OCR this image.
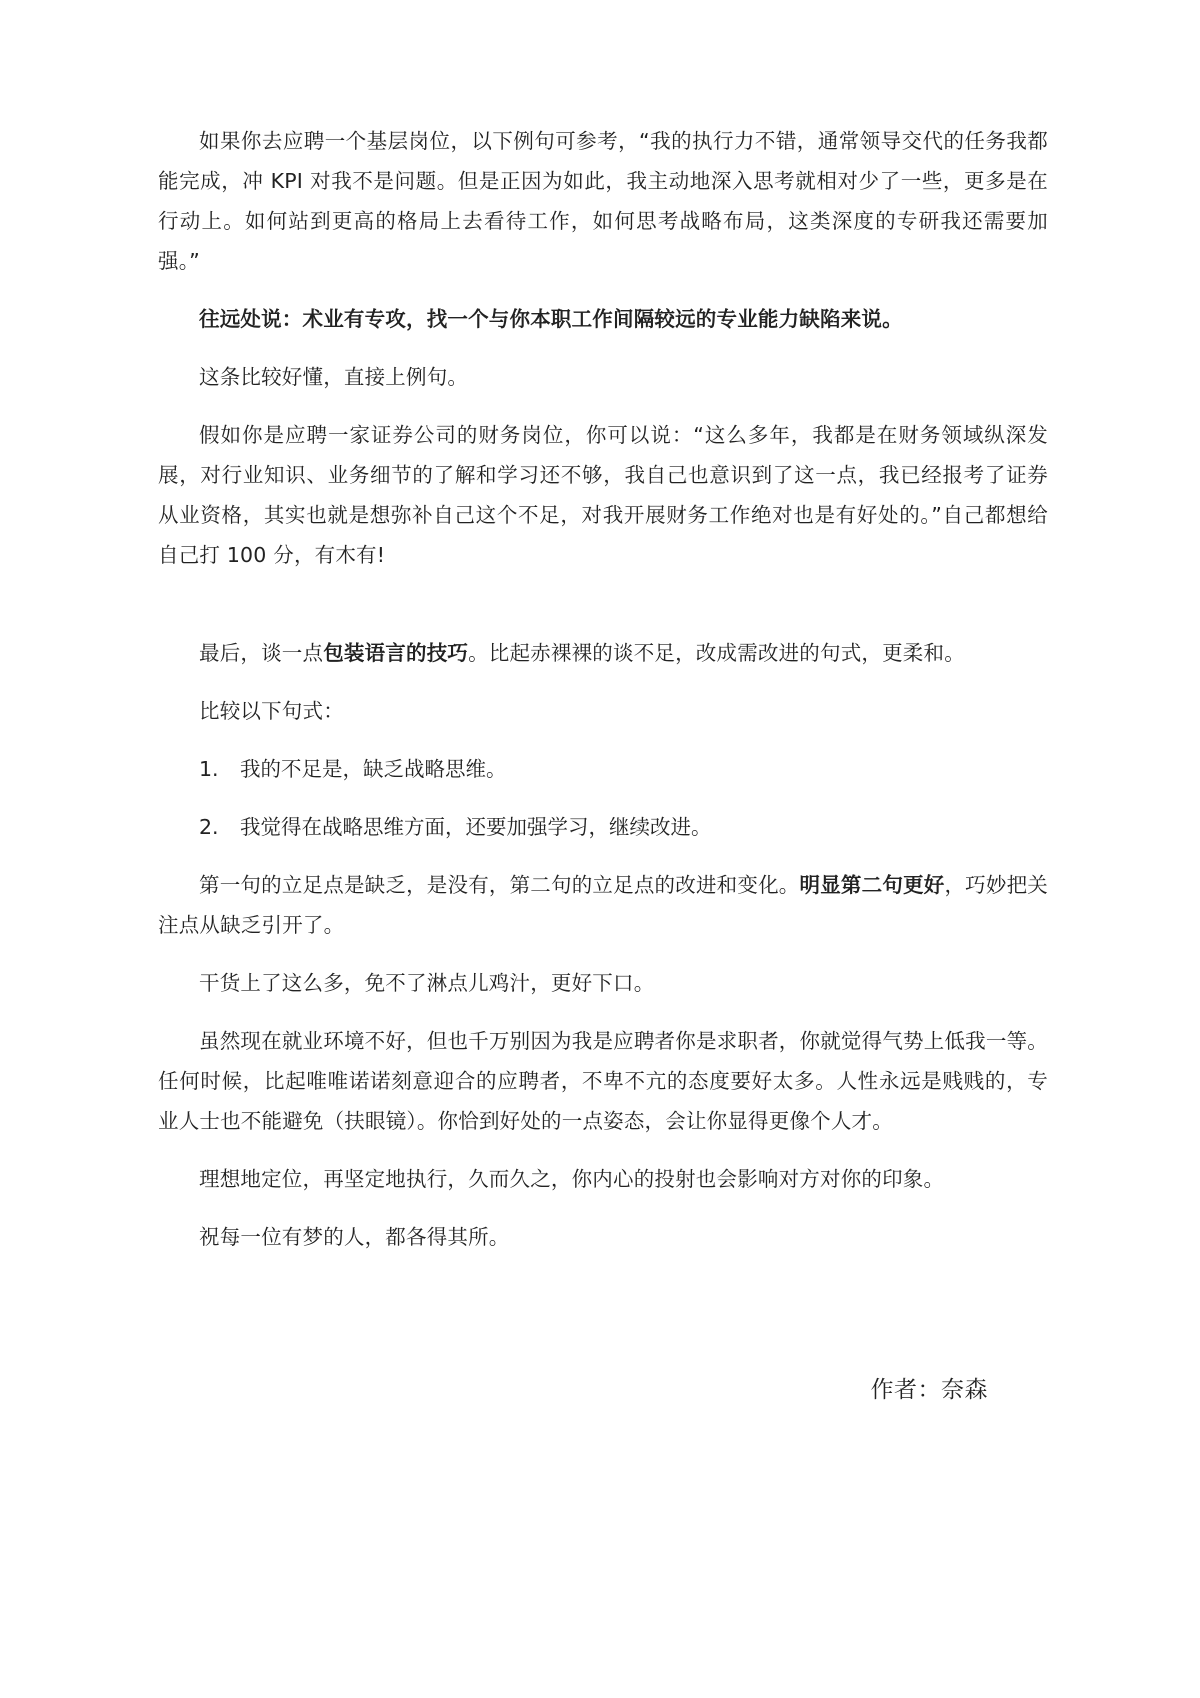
如果你去应聘一个基层岗位，以下例句可参考，“我的执行力不错，通常领导交代的任务我都能完成，冲 KPI 对我不是问题。但是正因为如此，我主动地深入思考就相对少了一些，更多是在行动上。如何站到更高的格局上去看待工作，如何思考战略布局，这类深度的专研我还需要加强。”

往远处说：术业有专攻，找一个与你本职工作间隔较远的专业能力缺陷来说。

这条比较好懂，直接上例句。

假如你是应聘一家证券公司的财务岗位，你可以说：“这么多年，我都是在财务领域纵深发展，对行业知识、业务细节的了解和学习还不够，我自己也意识到了这一点，我已经报考了证券从业资格，其实也就是想弥补自己这个不足，对我开展财务工作绝对也是有好处的。”自己都想给自己打 100 分，有木有!

最后，谈一点包装语言的技巧。比起赤裸裸的谈不足，改成需改进的句式，更柔和。

比较以下句式：

1.	我的不足是，缺乏战略思维。

2.	我觉得在战略思维方面，还要加强学习，继续改进。

第一句的立足点是缺乏，是没有，第二句的立足点的改进和变化。明显第二句更好，巧妙把关注点从缺乏引开了。

干货上了这么多，免不了淋点儿鸡汁，更好下口。

虽然现在就业环境不好，但也千万别因为我是应聘者你是求职者，你就觉得气势上低我一等。任何时候，比起唯唯诺诺刻意迎合的应聘者，不卑不亢的态度要好太多。人性永远是贱贱的，专业人士也不能避免（扶眼镜）。你恰到好处的一点姿态，会让你显得更像个人才。

理想地定位，再坚定地执行，久而久之，你内心的投射也会影响对方对你的印象。

祝每一位有梦的人，都各得其所。

作者：奈森
